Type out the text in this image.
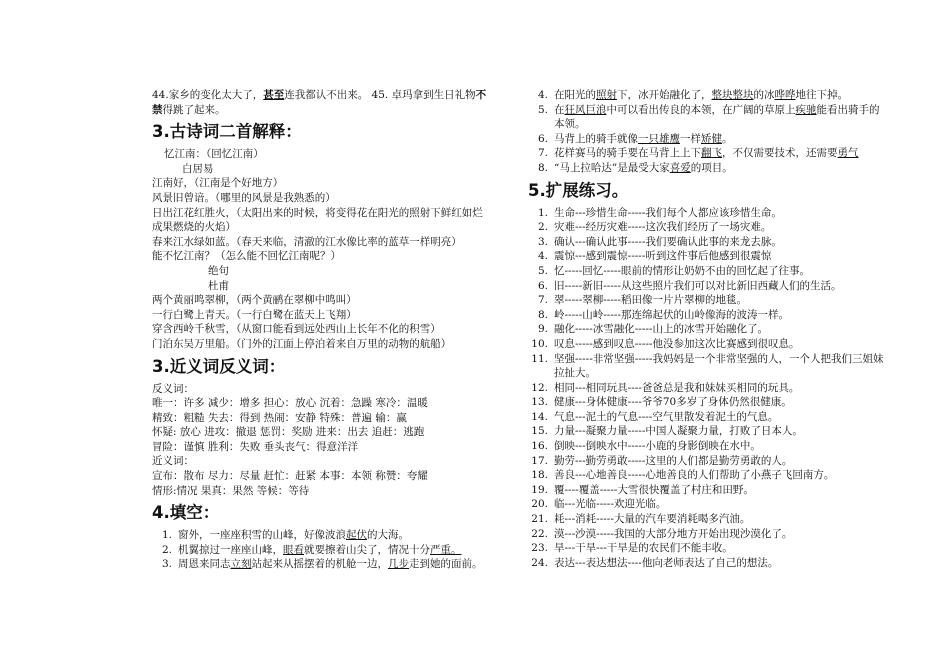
44.家乡的变化太大了，甚至连我都认不出来。 45. 卓玛拿到生日礼物不

禁得跳了起来。

3.古诗词二首解释：

忆江南：（回忆江南）

白居易

江南好，（江南是个好地方）

风景旧曾谙。（哪里的风景是我熟悉的）

日出江花红胜火，（太阳出来的时候，将变得花在阳光的照射下鲜红如烂

成果燃烧的火焰）

春来江水绿如蓝。（春天来临，清澈的江水像比率的蓝草一样明亮）

能不忆江南？（怎么能不回忆江南呢？）

绝句

杜甫

两个黄丽鸣翠柳，（两个黄鹂在翠柳中鸣叫）

一行白鹭上青天。（一行白鹭在蓝天上飞翔）

穿含西岭千秋雪，（从窗口能看到远处西山上长年不化的积雪）

门泊东吴万里船。（门外的江面上停泊着来自万里的动物的航船）

3.近义词反义词：

反义词：

唯一：许多 减少：增多 担心：放心 沉着：急躁 寒冷：温暖

精致：粗糙 失去：得到 热闹：安静 特殊：普遍 输：赢

怀疑: 放心 进攻：撤退 惩罚：奖励 进来：出去 追赶：逃跑

冒险：谨慎 胜利：失败 垂头丧气：得意洋洋

近义词：

宣布：散布 尽力：尽量 赶忙：赶紧 本事：本领 称赞：夸耀

情形:情况 果真：果然 等候：等待

4.填空：
1. 窗外，一座座积雪的山峰，好像波浪起伏的大海。
2. 机翼掠过一座座山峰，眼看就要擦着山尖了，情况十分严重。
3. 周恩来同志立刻站起来从摇摆着的机舱一边，几步走到她的面前。
4. 在阳光的照射下，冰开始融化了，整块整块的冰哗哗地往下掉。
5. 在狂风巨浪中可以看出传良的本领，在广阔的草原上疾驰能看出骑手的本领。
6. 马背上的骑手就像一只雄鹰一样矫健。
7. 花样赛马的骑手要在马背上上下翻飞，不仅需要技术，还需要勇气
8. “马上拉哈达”是最受大家喜爱的项目。
5.扩展练习。
1. 生命---珍惜生命-----我们每个人都应该珍惜生命。
2. 灾难---经历灾难-----这次我们经历了一场灾难。
3. 确认---确认此事-----我们要确认此事的来龙去脉。
4. 震惊---感到震惊-----听到这件事后他感到很震惊
5. 忆-----回忆-----眼前的情形让奶奶不由的回忆起了往事。
6. 旧-----新旧-----从这些照片我们可以对比新旧西藏人们的生活。
7. 翠-----翠柳-----稻田像一片片翠柳的地毯。
8. 岭-----山岭-----那连绵起伏的山岭像海的波涛一样。
9. 融化-----冰雪融化-----山上的冰雪开始融化了。
10. 叹息-----感到叹息-----他没参加这次比赛感到很叹息。
11. 坚强-----非常坚强-----我妈妈是一个非常坚强的人，一个人把我们三姐妹拉扯大。
12. 相同---相同玩具----爸爸总是我和妹妹买相同的玩具。
13. 健康---身体健康----爷爷70多岁了身体仍然很健康。
14. 气息---泥土的气息----空气里散发着泥土的气息。
15. 力量---凝聚力量-----中国人凝聚力量，打败了日本人。
16. 倒映---倒映水中-----小鹿的身影倒映在水中。
17. 勤劳---勤劳勇敢-----这里的人们都是勤劳勇敢的人。
18. 善良---心地善良-----心地善良的人们帮助了小燕子飞回南方。
19. 覆----覆盖-----大雪很快覆盖了村庄和田野。
20. 临---光临-----欢迎光临。
21. 耗---消耗-----大量的汽车要消耗喝多汽油。
22. 漠---沙漠-----我国的大部分地方开始出现沙漠化了。
23. 旱---干旱---干旱是的农民们不能丰收。
24. 表达---表达想法----他向老师表达了自己的想法。
